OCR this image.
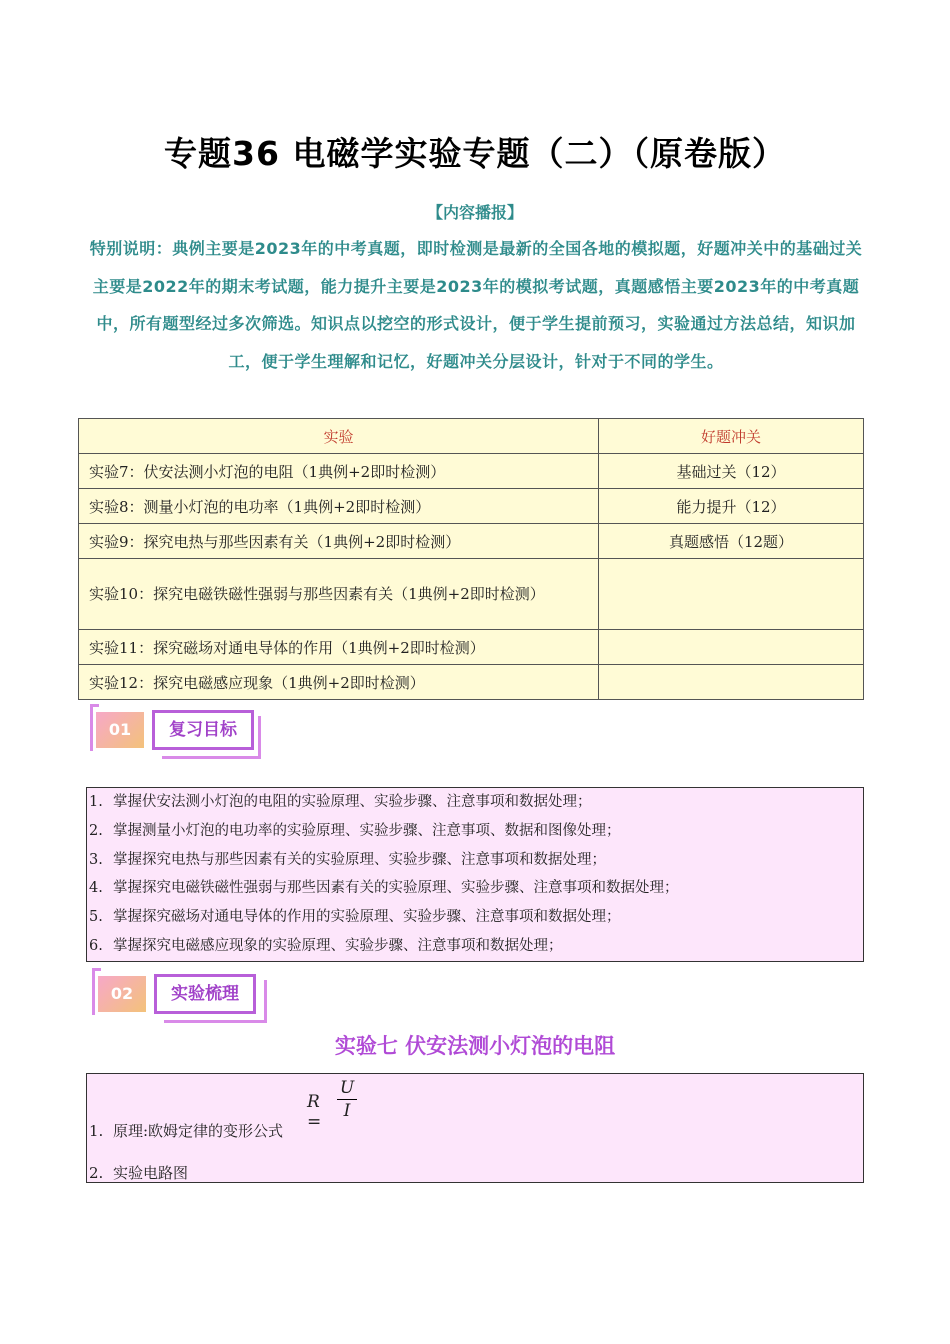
专题36 电磁学实验专题（二）（原卷版）
【内容播报】
特别说明：典例主要是2023年的中考真题，即时检测是最新的全国各地的模拟题，好题冲关中的基础过关主要是2022年的期末考试题，能力提升主要是2023年的模拟考试题，真题感悟主要2023年的中考真题中，所有题型经过多次筛选。知识点以挖空的形式设计，便于学生提前预习，实验通过方法总结，知识加工，便于学生理解和记忆，好题冲关分层设计，针对于不同的学生。
实验	好题冲关
实验7：伏安法测小灯泡的电阻（1典例+2即时检测）	基础过关（12）
实验8：测量小灯泡的电功率（1典例+2即时检测）	能力提升（12）
实验9：探究电热与那些因素有关（1典例+2即时检测）	真题感悟（12题）
实验10：探究电磁铁磁性强弱与那些因素有关（1典例+2即时检测）	
实验11：探究磁场对通电导体的作用（1典例+2即时检测）	
实验12：探究电磁感应现象（1典例+2即时检测）	
01	复习目标
1. 掌握伏安法测小灯泡的电阻的实验原理、实验步骤、注意事项和数据处理；
2. 掌握测量小灯泡的电功率的实验原理、实验步骤、注意事项、数据和图像处理；
3. 掌握探究电热与那些因素有关的实验原理、实验步骤、注意事项和数据处理；
4. 掌握探究电磁铁磁性强弱与那些因素有关的实验原理、实验步骤、注意事项和数据处理；
5. 掌握探究磁场对通电导体的作用的实验原理、实验步骤、注意事项和数据处理；
6. 掌握探究电磁感应现象的实验原理、实验步骤、注意事项和数据处理；
02	实验梳理
实验七 伏安法测小灯泡的电阻
R =
U
I
1. 原理:欧姆定律的变形公式
2. 实验电路图
